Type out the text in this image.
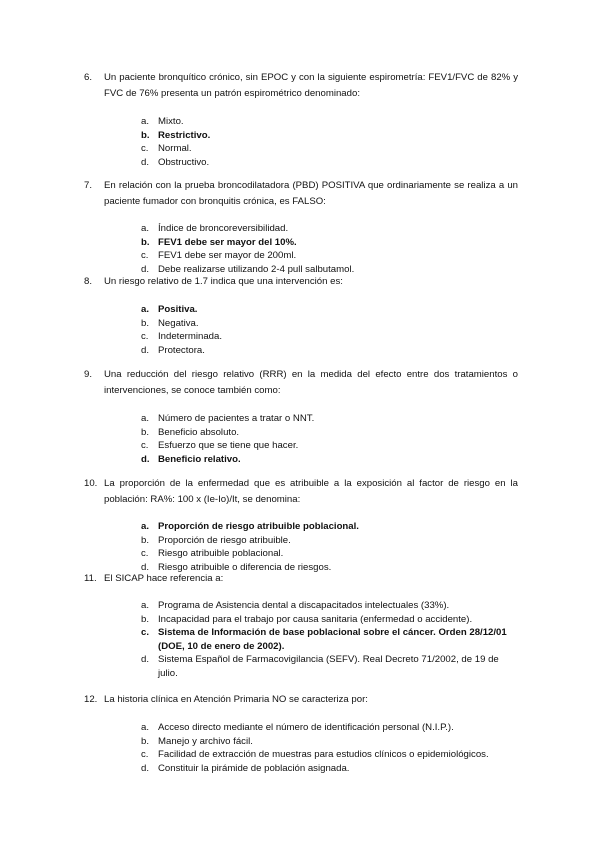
6. Un paciente bronquítico crónico, sin EPOC y con la siguiente espirometría: FEV1/FVC de 82% y FVC de 76% presenta un patrón espirométrico denominado:

a. Mixto.
b. Restrictivo.
c. Normal.
d. Obstructivo.
7. En relación con la prueba broncodilatadora (PBD) POSITIVA que ordinariamente se realiza a un paciente fumador con bronquitis crónica, es FALSO:

a. Índice de broncoreversibilidad.
b. FEV1 debe ser mayor del 10%.
c. FEV1 debe ser mayor de 200ml.
d. Debe realizarse utilizando 2-4 pull salbutamol.
8. Un riesgo relativo de 1.7 indica que una intervención es:

a. Positiva.
b. Negativa.
c. Indeterminada.
d. Protectora.
9. Una reducción del riesgo relativo (RRR) en la medida del efecto entre dos tratamientos o intervenciones, se conoce también como:

a. Número de pacientes a tratar o NNT.
b. Beneficio absoluto.
c. Esfuerzo que se tiene que hacer.
d. Beneficio relativo.
10. La proporción de la enfermedad que es atribuible a la exposición al factor de riesgo en la población: RA%: 100 x (Ie-Io)/It, se denomina:

a. Proporción de riesgo atribuible poblacional.
b. Proporción de riesgo atribuible.
c. Riesgo atribuible poblacional.
d. Riesgo atribuible o diferencia de riesgos.
11. El SICAP hace referencia a:

a. Programa de Asistencia dental a discapacitados intelectuales (33%).
b. Incapacidad para el trabajo por causa sanitaria (enfermedad o accidente).
c. Sistema de Información de base poblacional sobre el cáncer. Orden 28/12/01 (DOE, 10 de enero de 2002).
d. Sistema Español de Farmacovigilancia (SEFV). Real Decreto 71/2002, de 19 de julio.
12. La historia clínica en Atención Primaria NO se caracteriza por:

a. Acceso directo mediante el número de identificación personal (N.I.P.).
b. Manejo y archivo fácil.
c. Facilidad de extracción de muestras para estudios clínicos o epidemiológicos.
d. Constituir la pirámide de población asignada.
